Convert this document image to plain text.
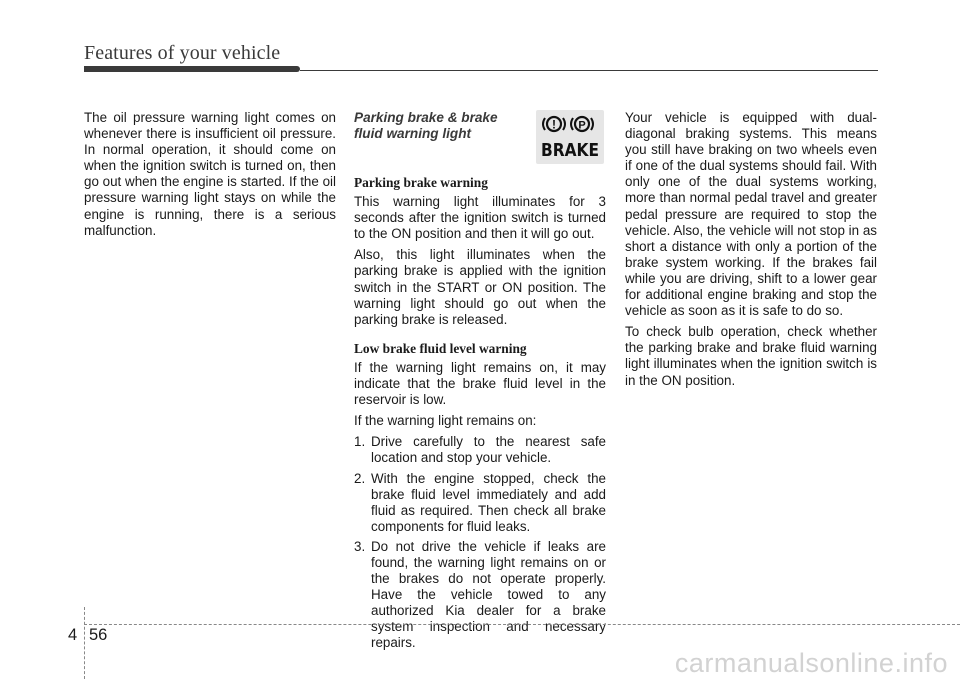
Features of your vehicle

The oil pressure warning light comes on whenever there is insufficient oil pressure. In normal operation, it should come on when the ignition switch is turned on, then go out when the engine is started. If the oil pressure warning light stays on while the engine is running, there is a serious malfunction.

Parking brake & brake fluid warning light
Parking brake warning

This warning light illuminates for 3 seconds after the ignition switch is turned to the ON position and then it will go out.

Also, this light illuminates when the parking brake is applied with the ignition switch in the START or ON position. The warning light should go out when the parking brake is released.

Low brake fluid level warning

If the warning light remains on, it may indicate that the brake fluid level in the reservoir is low.

If the warning light remains on:

1. Drive carefully to the nearest safe location and stop your vehicle.
2. With the engine stopped, check the brake fluid level immediately and add fluid as required. Then check all brake components for fluid leaks.
3. Do not drive the vehicle if leaks are found, the warning light remains on or the brakes do not operate properly. Have the vehicle towed to any authorized Kia dealer for a brake system inspection and necessary repairs.
! P
BRAKE

Your vehicle is equipped with dual-diagonal braking systems. This means you still have braking on two wheels even if one of the dual systems should fail. With only one of the dual systems working, more than normal pedal travel and greater pedal pressure are required to stop the vehicle. Also, the vehicle will not stop in as short a distance with only a portion of the brake system working. If the brakes fail while you are driving, shift to a lower gear for additional engine braking and stop the vehicle as soon as it is safe to do so.

To check bulb operation, check whether the parking brake and brake fluid warning light illuminates when the ignition switch is in the ON position.

4 56
carmanualsonline.info
